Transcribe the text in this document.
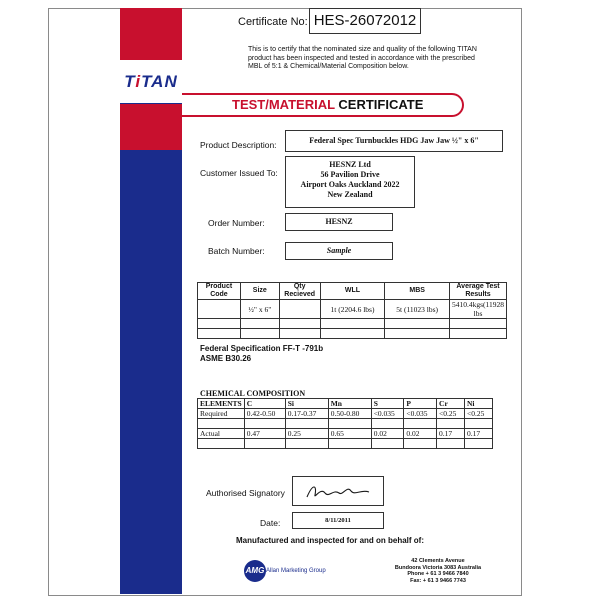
TiTAN
Certificate No: HES-26072012
This is to certify that the nominated size and quality of the following TITAN product has been inspected and tested in accordance with the prescribed MBL of 5:1 & Chemical/Material Composition below.
TEST/MATERIAL CERTIFICATE
Product Description:	Federal Spec Turnbuckles HDG Jaw Jaw ½" x 6"
Customer Issued To:
HESNZ Ltd
56 Pavilion Drive
Airport Oaks Auckland 2022
New Zealand
Order Number:	HESNZ
Batch Number:	Sample
Product Code	Size	Qty Recieved	WLL	MBS	Average Test Results
	½" x 6"		1t (2204.6 lbs)	5t (11023 lbs)	5410.4kgs(11928 lbs

Federal Specification FF-T -791b
ASME B30.26
CHEMICAL COMPOSITION
ELEMENTS	C	Si	Mn	S	P	Cr	Ni
Required	0.42-0.50	0.17-0.37	0.50-0.80	<0.035	<0.035	<0.25	<0.25

Actual	0.47	0.25	0.65	0.02	0.02	0.17	0.17

Authorised Signatory
Date:	8/11/2011
Manufactured and inspected for and on behalf of:
AMG Allan Marketing Group
42 Clements Avenue
Bundoora Victoria 3083 Australia
Phone + 61 3 9466 7840
Fax: + 61 3 9466 7743
